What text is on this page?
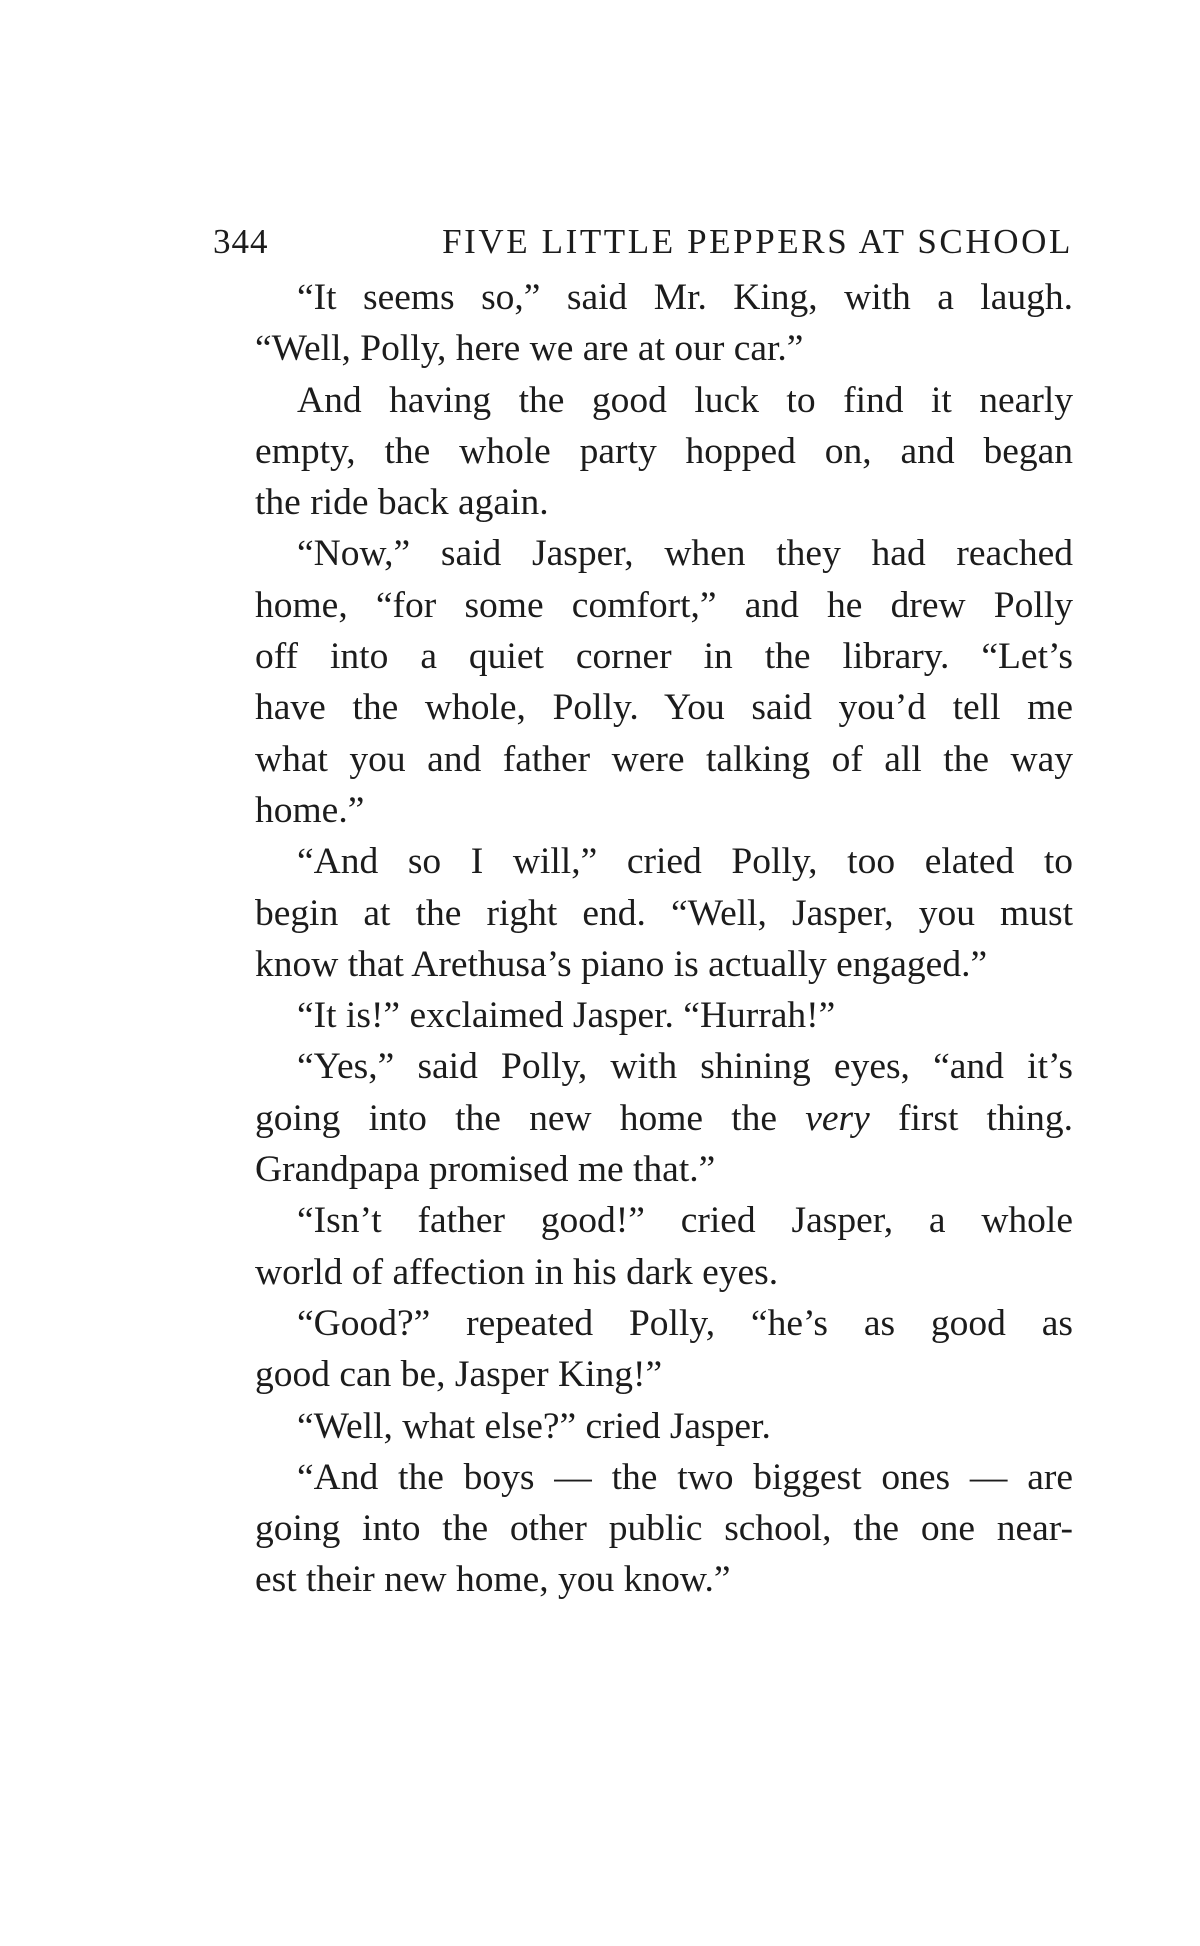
344	FIVE LITTLE PEPPERS AT SCHOOL

“It seems so,” said Mr. King, with a laugh.
“Well, Polly, here we are at our car.”

And having the good luck to find it nearly
empty, the whole party hopped on, and began
the ride back again.

“Now,” said Jasper, when they had reached
home, “for some comfort,” and he drew Polly
off into a quiet corner in the library. “Let’s
have the whole, Polly. You said you’d tell me
what you and father were talking of all the way
home.”

“And so I will,” cried Polly, too elated to
begin at the right end. “Well, Jasper, you must
know that Arethusa’s piano is actually engaged.”

“It is!” exclaimed Jasper. “Hurrah!”

“Yes,” said Polly, with shining eyes, “and it’s
going into the new home the very first thing.
Grandpapa promised me that.”

“Isn’t father good!” cried Jasper, a whole
world of affection in his dark eyes.

“Good?” repeated Polly, “he’s as good as
good can be, Jasper King!”

“Well, what else?” cried Jasper.

“And the boys — the two biggest ones — are
going into the other public school, the one near-
est their new home, you know.”
